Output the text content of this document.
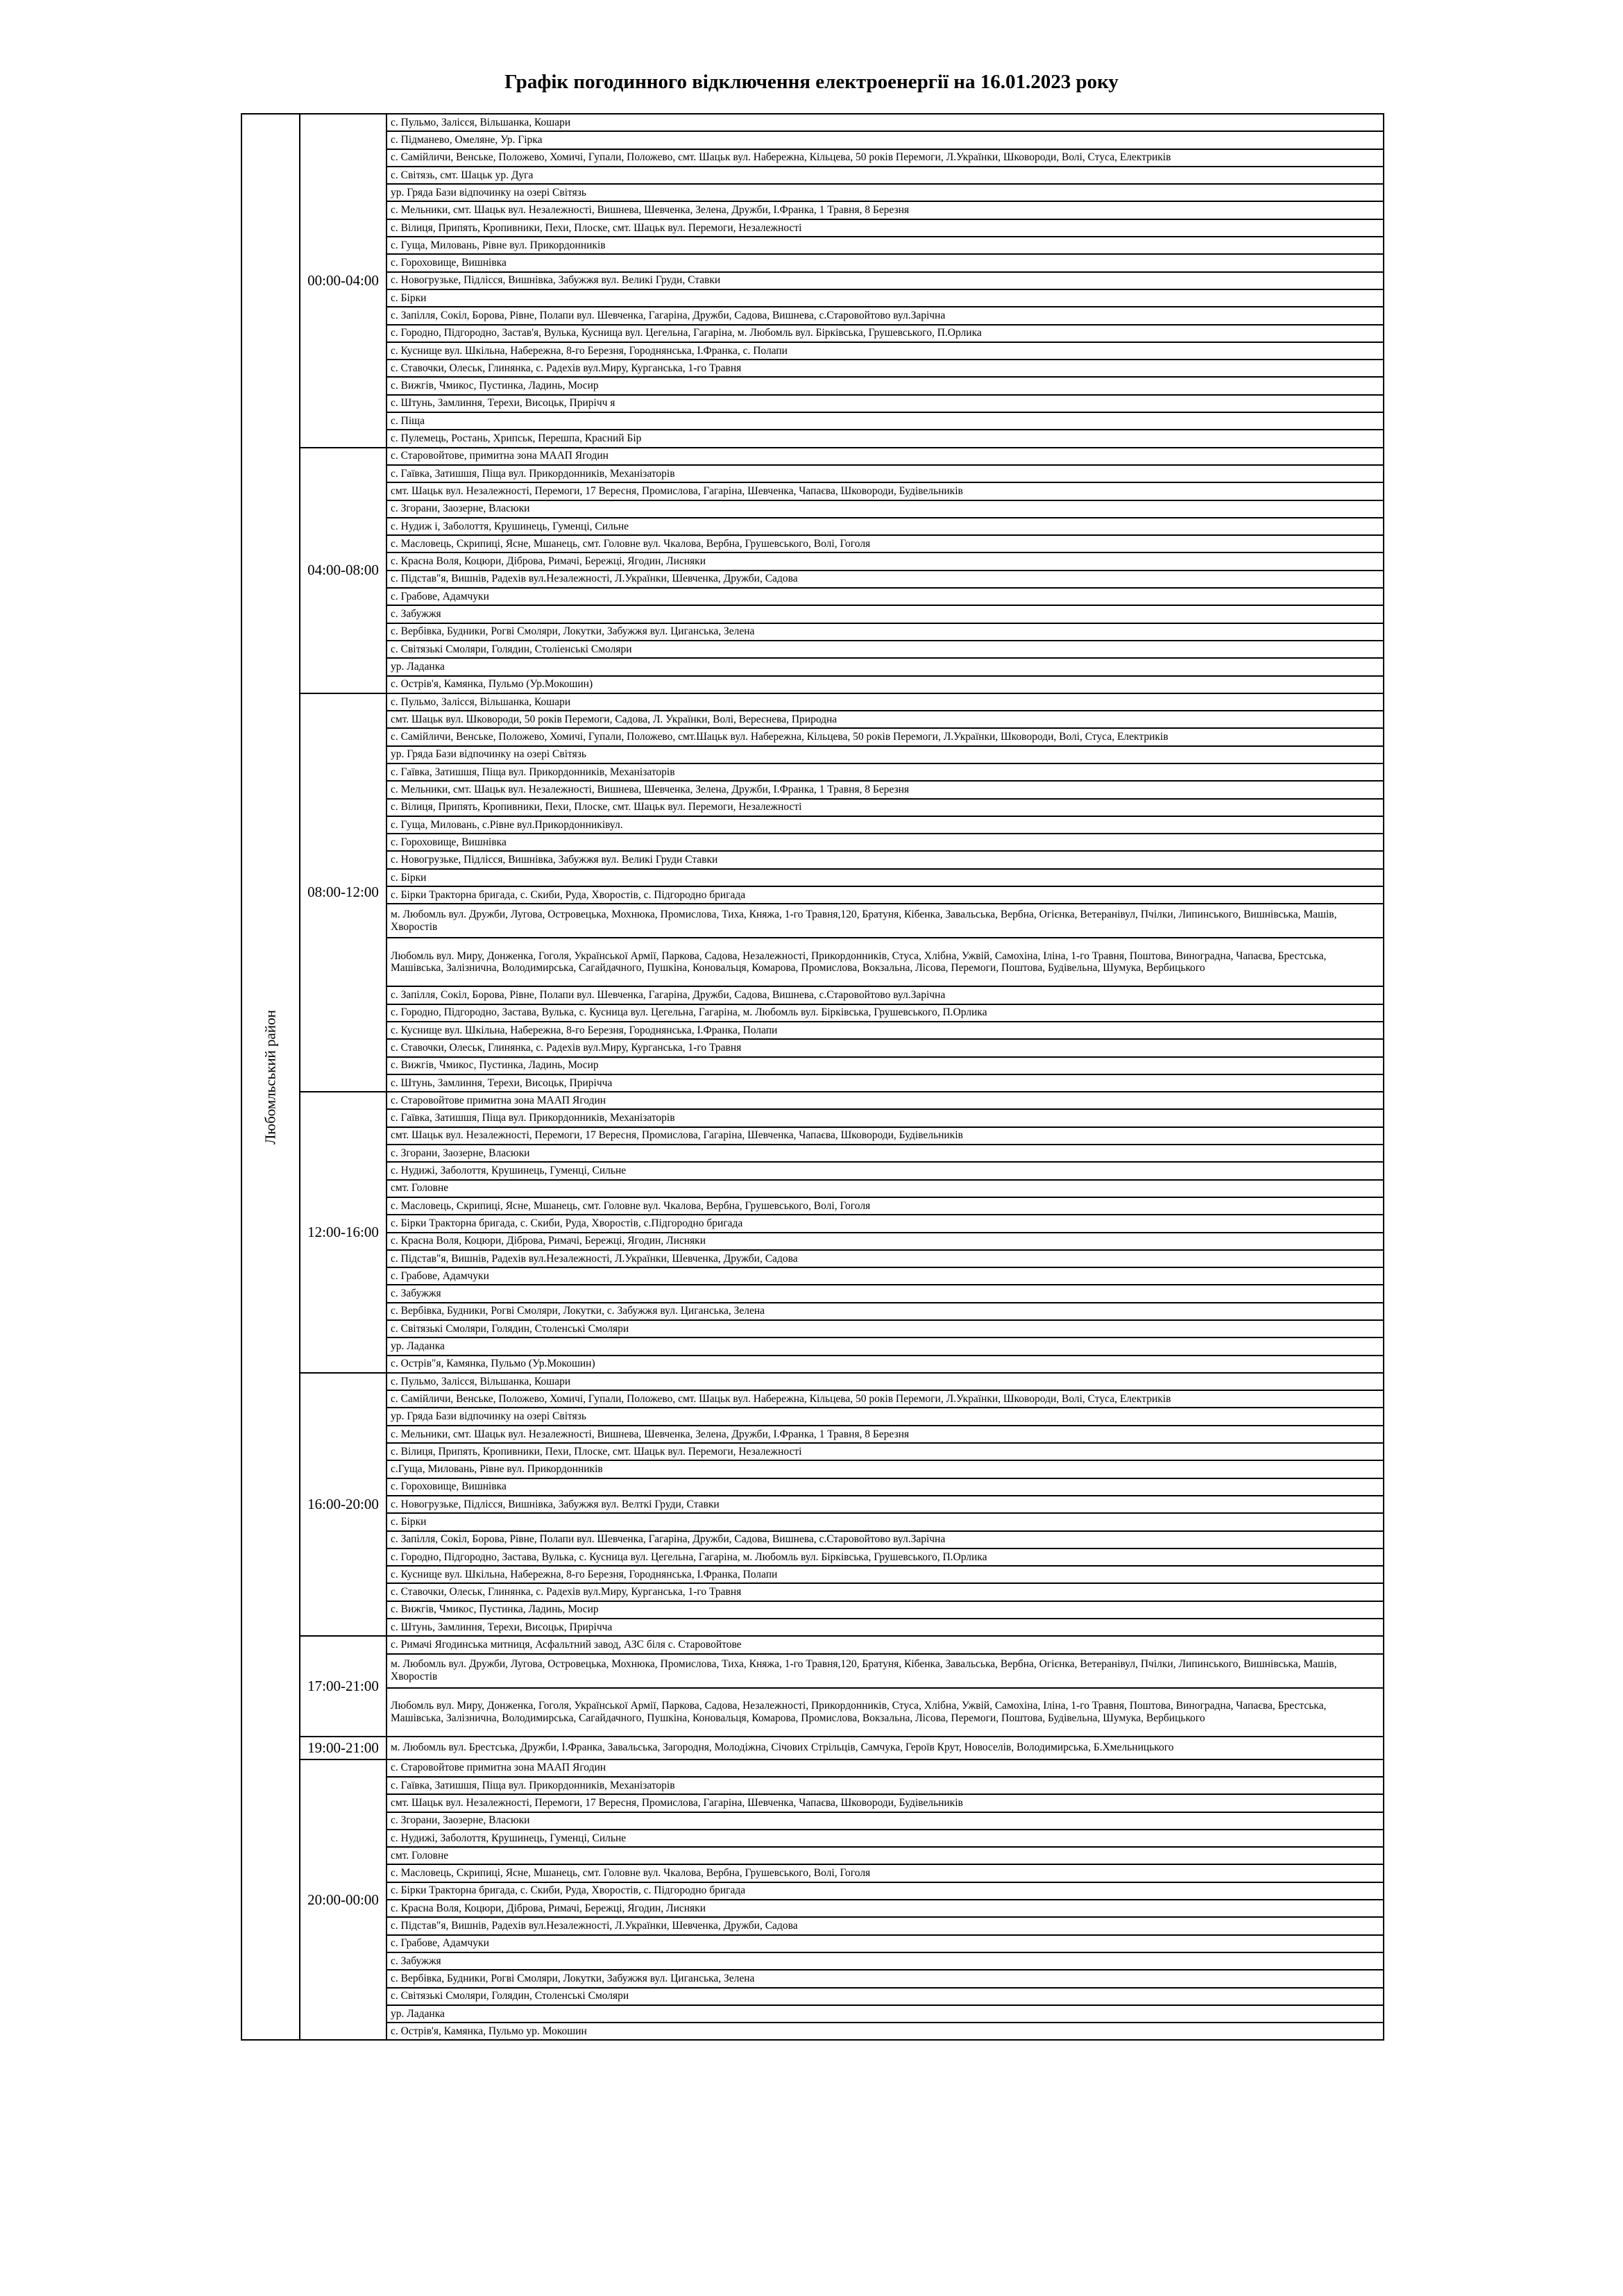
Графік погодинного відключення електроенергії на 16.01.2023 року
Любомльський район	00:00-04:00	с. Пульмо, Залісся, Вільшанка, Кошари
		с. Підманево, Омеляне, Ур. Гірка
		с. Самійличи, Венське, Положево, Хомичі, Гупали, Положево, смт. Шацьк вул. Набережна, Кільцева, 50 років Перемоги, Л.Українки, Шковороди, Волі, Стуса, Електриків
		с. Світязь, смт. Шацьк ур. Дуга
		ур. Гряда Бази відпочинку на озері Світязь
		с. Мельники, смт. Шацьк вул. Незалежності, Вишнева, Шевченка, Зелена, Дружби, І.Франка, 1 Травня, 8 Березня
		с. Вілиця, Припять, Кропивники, Пехи, Плоске, смт. Шацьк вул. Перемоги, Незалежності
		с. Гуща, Миловань, Рівне вул. Прикордонників
		с. Гороховище, Вишнівка
		с. Новогрузьке, Підлісся, Вишнівка, Забужжя вул. Великі Груди, Ставки
		с. Бірки
		с. Запілля, Сокіл, Борова, Рівне, Полапи вул. Шевченка, Гагаріна, Дружби, Садова, Вишнева, с.Старовойтово вул.Зарічна
		с. Городно, Підгородно, Застав'я, Вулька, Куснища вул. Цегельна, Гагаріна, м. Любомль вул. Бірківська, Грушевського, П.Орлика
		с. Куснище вул. Шкільна, Набережна, 8-го Березня, Городнянська, І.Франка, с. Полапи
		с. Ставочки, Олеськ, Глинянка, с. Радехів вул.Миру, Курганська, 1-го Травня
		с. Вижгів, Чмикос, Пустинка, Ладинь, Мосир
		с. Штунь, Замлиння, Терехи, Висоцьк, Прирічч я
		с. Піща
		с. Пулемець, Ростань, Хрипськ, Перешпа, Красний Бір
	04:00-08:00	с. Старовойтове, примитна зона МААП Ягодин
		с. Гаївка, Затишшя, Піща вул. Прикордонників, Механізаторів
		смт. Шацьк вул. Незалежності, Перемоги, 17 Вересня, Промислова, Гагаріна, Шевченка, Чапаєва, Шковороди, Будівельників
		с. Згорани, Заозерне, Власюки
		с. Нудиж і, Заболоття, Крушинець, Гуменці, Сильне
		с. Масловець, Скрипиці, Ясне, Мшанець, смт. Головне вул. Чкалова, Вербна, Грушевського, Волі, Гоголя
		с. Красна Воля, Коцюри, Діброва, Римачі, Бережці, Ягодин, Лисняки
		с. Підстав"я, Вишнів, Радехів вул.Незалежності, Л.Українки, Шевченка, Дружби, Садова
		с. Грабове, Адамчуки
		с. Забужжя
		с. Вербівка, Будники, Рогві Смоляри, Локутки, Забужжя вул. Циганська, Зелена
		с. Світязькі Смоляри, Голядин, Століенські Смоляри
		ур. Ладанка
		с. Острів'я, Камянка, Пульмо (Ур.Мокошин)
	08:00-12:00	с. Пульмо, Залісся, Вільшанка, Кошари
		смт. Шацьк вул. Шковороди, 50 років Перемоги, Садова, Л. Українки, Волі, Вереснева, Природна
		с. Самійличи, Венське, Положево, Хомичі, Гупали, Положево, смт.Шацьк вул. Набережна, Кільцева, 50 років Перемоги, Л.Українки, Шковороди, Волі, Стуса, Електриків
		ур. Гряда Бази відпочинку на озері Світязь
		с. Гаївка, Затишшя, Піща вул. Прикордонників, Механізаторів
		с. Мельники, смт. Шацьк вул. Незалежності, Вишнева, Шевченка, Зелена, Дружби, І.Франка, 1 Травня, 8 Березня
		с. Вілиця, Припять, Кропивники, Пехи, Плоске, смт. Шацьк вул. Перемоги, Незалежності
		с. Гуща, Миловань, с.Рівне вул.Прикордонниківул.
		с. Гороховище, Вишнівка
		с. Новогрузьке, Підлісся, Вишнівка, Забужжя вул. Великі Груди Ставки
		с. Бірки
		с. Бірки Тракторна бригада, с. Скиби, Руда, Хворостів, с. Підгородно бригада
		м. Любомль вул. Дружби, Лугова, Островецька, Мохнюка, Промислова, Тиха, Княжа, 1-го Травня,120, Братуня, Кібенка, Завальська, Вербна, Огієнка, Ветеранівул, Пчілки, Липинського, Вишнівська, Машів, Хворостів
		Любомль вул. Миру, Донженка, Гоголя, Української Армії, Паркова, Садова, Незалежності, Прикордонників, Стуса, Хлібна, Ужвій, Самохіна, Іліна, 1-го Травня, Поштова, Виноградна, Чапаєва, Брестська, Машівська, Залізнична, Володимирська, Сагайдачного, Пушкіна, Коновальця, Комарова, Промислова, Вокзальна, Лісова, Перемоги, Поштова, Будівельна, Шумука, Вербицького
		с. Запілля, Сокіл, Борова, Рівне, Полапи вул. Шевченка, Гагаріна, Дружби, Садова, Вишнева, с.Старовойтово вул.Зарічна
		с. Городно, Підгородно, Застава, Вулька, с. Кусница вул. Цегельна, Гагаріна, м. Любомль вул. Бірківська, Грушевського, П.Орлика
		с. Куснище вул. Шкільна, Набережна, 8-го Березня, Городнянська, І.Франка, Полапи
		с. Ставочки, Олеськ, Глинянка, с. Радехів вул.Миру, Курганська, 1-го Травня
		с. Вижгів, Чмикос, Пустинка, Ладинь, Мосир
		с. Штунь, Замлиння, Терехи, Висоцьк, Прирічча
	12:00-16:00	с. Старовойтове примитна зона МААП Ягодин
		с. Гаївка, Затишшя, Піща вул. Прикордонників, Механізаторів
		смт. Шацьк вул. Незалежності, Перемоги, 17 Вересня, Промислова, Гагаріна, Шевченка, Чапаєва, Шковороди, Будівельників
		с. Згорани, Заозерне, Власюки
		с. Нудижі, Заболоття, Крушинець, Гуменці, Сильне
		смт. Головне
		с. Масловець, Скрипиці, Ясне, Мшанець, смт. Головне вул. Чкалова, Вербна, Грушевського, Волі, Гоголя
		с. Бірки Тракторна бригада, с. Скиби, Руда, Хворостів, с.Підгородно бригада
		с. Красна Воля, Коцюри, Діброва, Римачі, Бережці, Ягодин, Лисняки
		с. Підстав"я, Вишнів, Радехів вул.Незалежності, Л.Українки, Шевченка, Дружби, Садова
		с. Грабове, Адамчуки
		с. Забужжя
		с. Вербівка, Будники, Рогві Смоляри, Локутки, с. Забужжя вул. Циганська, Зелена
		с. Світязькі Смоляри, Голядин, Столенські Смоляри
		ур. Ладанка
		с. Острів"я, Камянка, Пульмо (Ур.Мокошин)
	16:00-20:00	с. Пульмо, Залісся, Вільшанка, Кошари
		с. Самійличи, Венське, Положево, Хомичі, Гупали, Положево, смт. Шацьк вул. Набережна, Кільцева, 50 років Перемоги, Л.Українки, Шковороди, Волі, Стуса, Електриків
		ур. Гряда Бази відпочинку на озері Світязь
		с. Мельники, смт. Шацьк вул. Незалежності, Вишнева, Шевченка, Зелена, Дружби, І.Франка, 1 Травня, 8 Березня
		с. Вілиця, Припять, Кропивники, Пехи, Плоске, смт. Шацьк вул. Перемоги, Незалежності
		с.Гуща, Миловань, Рівне вул. Прикордонників
		с. Гороховище, Вишнівка
		с. Новогрузьке, Підлісся, Вишнівка, Забужжя вул. Велткі Груди, Ставки
		с. Бірки
		с. Запілля, Сокіл, Борова, Рівне, Полапи вул. Шевченка, Гагаріна, Дружби, Садова, Вишнева, с.Старовойтово вул.Зарічна
		с. Городно, Підгородно, Застава, Вулька, с. Кусница вул. Цегельна, Гагаріна, м. Любомль вул. Бірківська, Грушевського, П.Орлика
		с. Куснище вул. Шкільна, Набережна, 8-го Березня, Городнянська, І.Франка, Полапи
		с. Ставочки, Олеськ, Глинянка, с. Радехів вул.Миру, Курганська, 1-го Травня
		с. Вижгів, Чмикос, Пустинка, Ладинь, Мосир
		с. Штунь, Замлиння, Терехи, Висоцьк, Прирічча
	17:00-21:00	с. Римачі Ягодинська митниця, Асфальтний завод, АЗС біля с. Старовойтове
		м. Любомль вул. Дружби, Лугова, Островецька, Мохнюка, Промислова, Тиха, Княжа, 1-го Травня,120, Братуня, Кібенка, Завальська, Вербна, Огієнка, Ветеранівул, Пчілки, Липинського, Вишнівська, Машів, Хворостів
		Любомль вул. Миру, Донженка, Гоголя, Української Армії, Паркова, Садова, Незалежності, Прикордонників, Стуса, Хлібна, Ужвій, Самохіна, Іліна, 1-го Травня, Поштова, Виноградна, Чапаєва, Брестська, Машівська, Залізнична, Володимирська, Сагайдачного, Пушкіна, Коновальця, Комарова, Промислова, Вокзальна, Лісова, Перемоги, Поштова, Будівельна, Шумука, Вербицького
	19:00-21:00	м. Любомль вул. Брестська, Дружби, І.Франка, Завальська, Загородня, Молодіжна, Січових Стрільців, Самчука, Героїв Крут, Новоселів, Володимирська, Б.Хмельницького
	20:00-00:00	с. Старовойтове примитна зона МААП Ягодин
		с. Гаївка, Затишшя, Піща вул. Прикордонників, Механізаторів
		смт. Шацьк вул. Незалежності, Перемоги, 17 Вересня, Промислова, Гагаріна, Шевченка, Чапаєва, Шковороди, Будівельників
		с. Згорани, Заозерне, Власюки
		с. Нудижі, Заболоття, Крушинець, Гуменці, Сильне
		смт. Головне
		с. Масловець, Скрипиці, Ясне, Мшанець, смт. Головне вул. Чкалова, Вербна, Грушевського, Волі, Гоголя
		с. Бірки Тракторна бригада, с. Скиби, Руда, Хворостів, с. Підгородно бригада
		с. Красна Воля, Коцюри, Діброва, Римачі, Бережці, Ягодин, Лисняки
		с. Підстав"я, Вишнів, Радехів вул.Незалежності, Л.Українки, Шевченка, Дружби, Садова
		с. Грабове, Адамчуки
		с. Забужжя
		с. Вербівка, Будники, Рогві Смоляри, Локутки, Забужжя вул. Циганська, Зелена
		с. Світязькі Смоляри, Голядин, Столенські Смоляри
		ур. Ладанка
		с. Острів'я, Камянка, Пульмо ур. Мокошин
